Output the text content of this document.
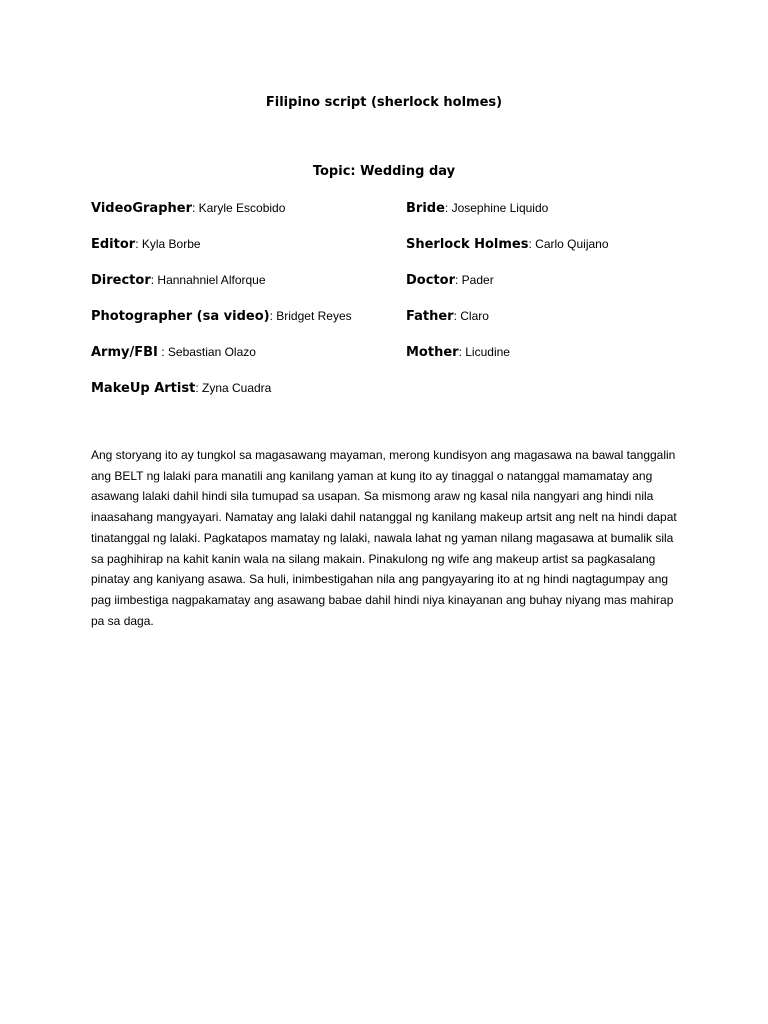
Filipino script (sherlock holmes)
Topic: Wedding day
VideoGrapher: Karyle Escobido
Editor: Kyla Borbe
Director: Hannahniel Alforque
Photographer (sa video): Bridget Reyes
Army/FBI : Sebastian Olazo
MakeUp Artist: Zyna Cuadra
Bride: Josephine Liquido
Sherlock Holmes: Carlo Quijano
Doctor: Pader
Father: Claro
Mother: Licudine

Ang storyang ito ay tungkol sa magasawang mayaman, merong kundisyon ang magasawa na bawal tanggalin ang BELT ng lalaki para manatili ang kanilang yaman at kung ito ay tinaggal o natanggal mamamatay ang asawang lalaki dahil hindi sila tumupad sa usapan. Sa mismong araw ng kasal nila nangyari ang hindi nila inaasahang mangyayari. Namatay ang lalaki dahil natanggal ng kanilang makeup artsit ang nelt na hindi dapat tinatanggal ng lalaki. Pagkatapos mamatay ng lalaki, nawala lahat ng yaman nilang magasawa at bumalik sila sa paghihirap na kahit kanin wala na silang makain. Pinakulong ng wife ang makeup artist sa pagkasalang pinatay ang kaniyang asawa. Sa huli, inimbestigahan nila ang pangyayaring ito at ng hindi nagtagumpay ang pag iimbestiga nagpakamatay ang asawang babae dahil hindi niya kinayanan ang buhay niyang mas mahirap pa sa daga.
